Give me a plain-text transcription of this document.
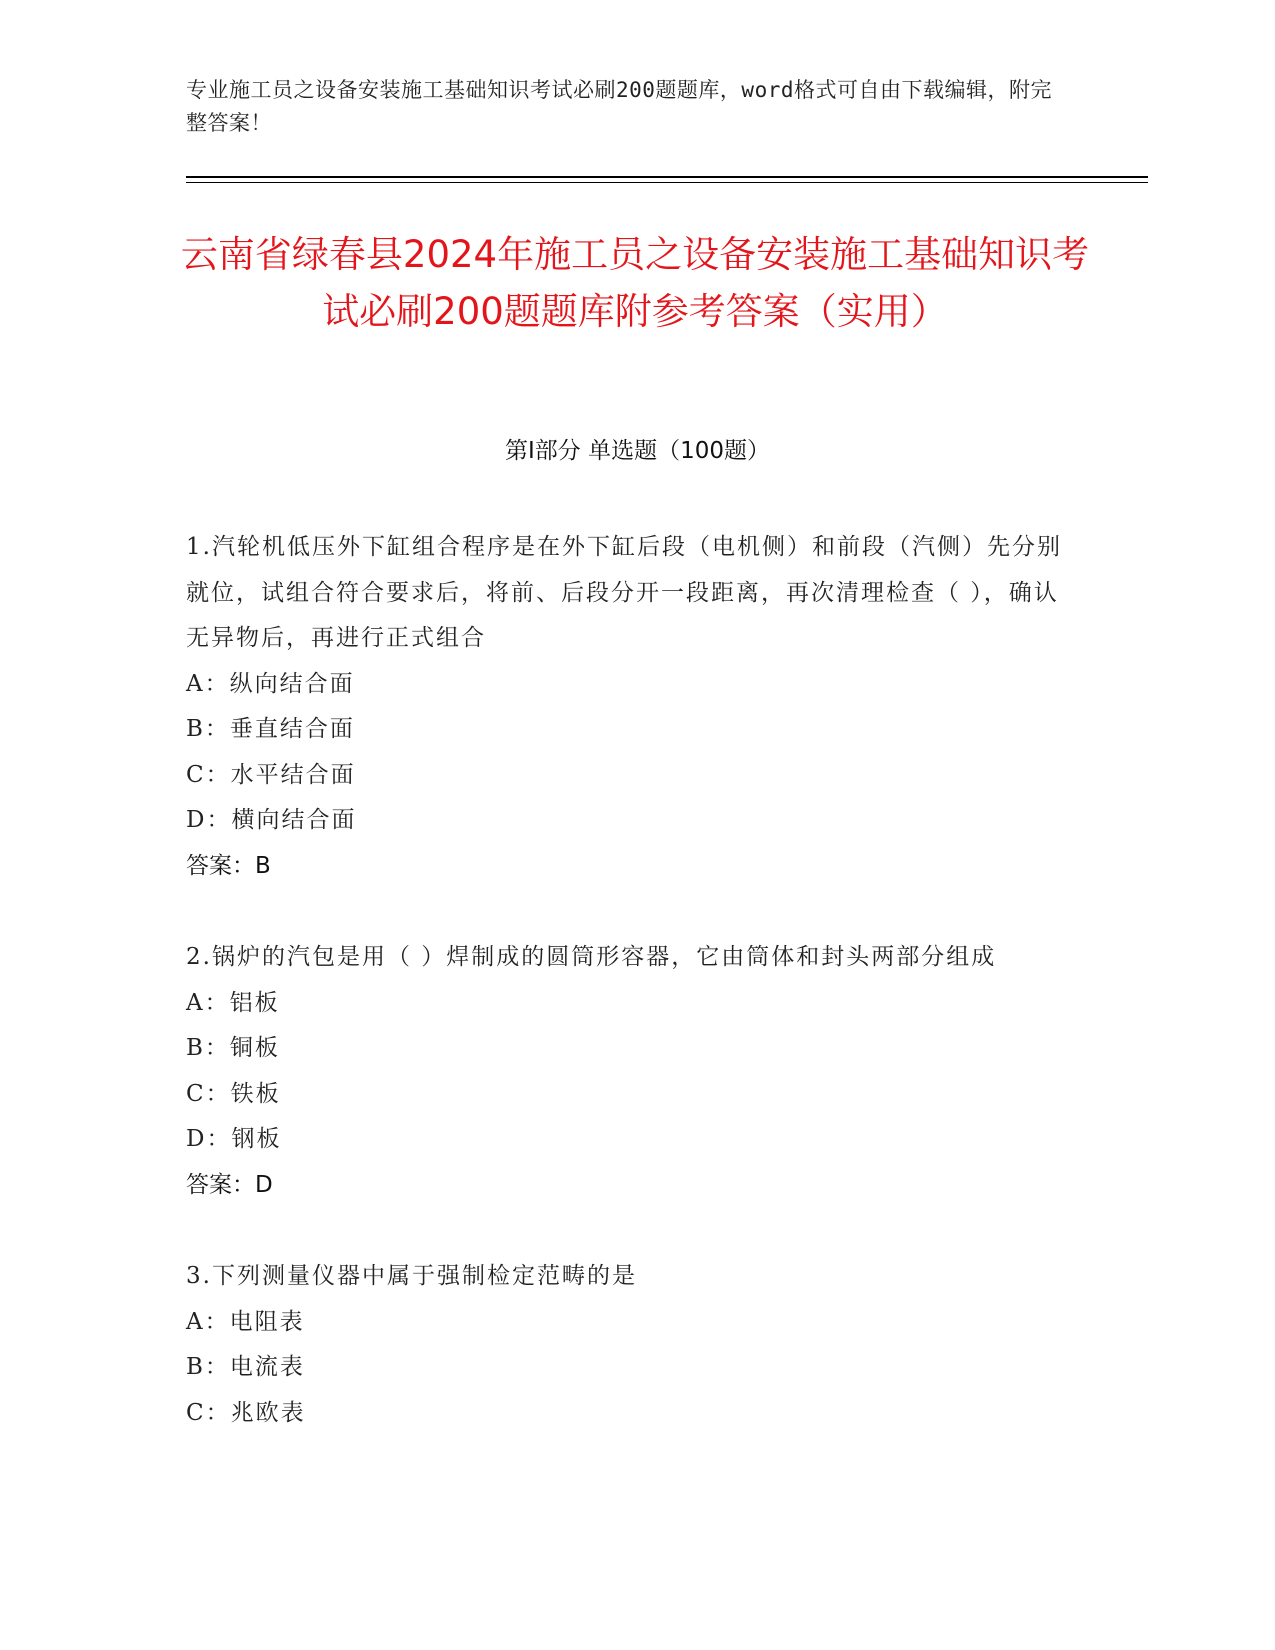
专业施工员之设备安装施工基础知识考试必刷200题题库，word格式可自由下载编辑，附完整答案！
云南省绿春县2024年施工员之设备安装施工基础知识考试必刷200题题库附参考答案（实用）
第Ⅰ部分 单选题（100题）

1.汽轮机低压外下缸组合程序是在外下缸后段（电机侧）和前段（汽侧）先分别就位，试组合符合要求后，将前、后段分开一段距离，再次清理检查（ ），确认无异物后，再进行正式组合

A：纵向结合面

B：垂直结合面

C：水平结合面

D：横向结合面

答案：B

2.锅炉的汽包是用（ ）焊制成的圆筒形容器，它由筒体和封头两部分组成

A：铝板

B：铜板

C：铁板

D：钢板

答案：D

3.下列测量仪器中属于强制检定范畴的是

A：电阻表

B：电流表

C：兆欧表
